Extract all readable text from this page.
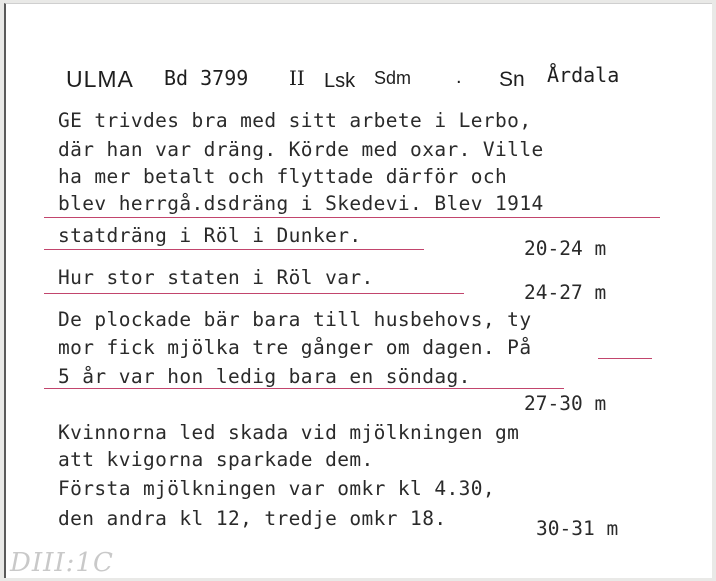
ULMA Bd 3799 II Lsk Sdm . Sn Årdala

GE trivdes bra med sitt arbete i Lerbo,

där han var dräng. Körde med oxar. Ville

ha mer betalt och flyttade därför och

blev herrgå.dsdräng i Skedevi. Blev 1914

statdräng i Röl i Dunker.

Hur stor staten i Röl var.

De plockade bär bara till husbehovs, ty

mor fick mjölka tre gånger om dagen. På

5 år var hon ledig bara en söndag.

Kvinnorna led skada vid mjölkningen gm

att kvigorna sparkade dem.

Första mjölkningen var omkr kl 4.30,

den andra kl 12, tredje omkr 18.

20-24 m
24-27 m
27-30 m
30-31 m
DIII:1C
